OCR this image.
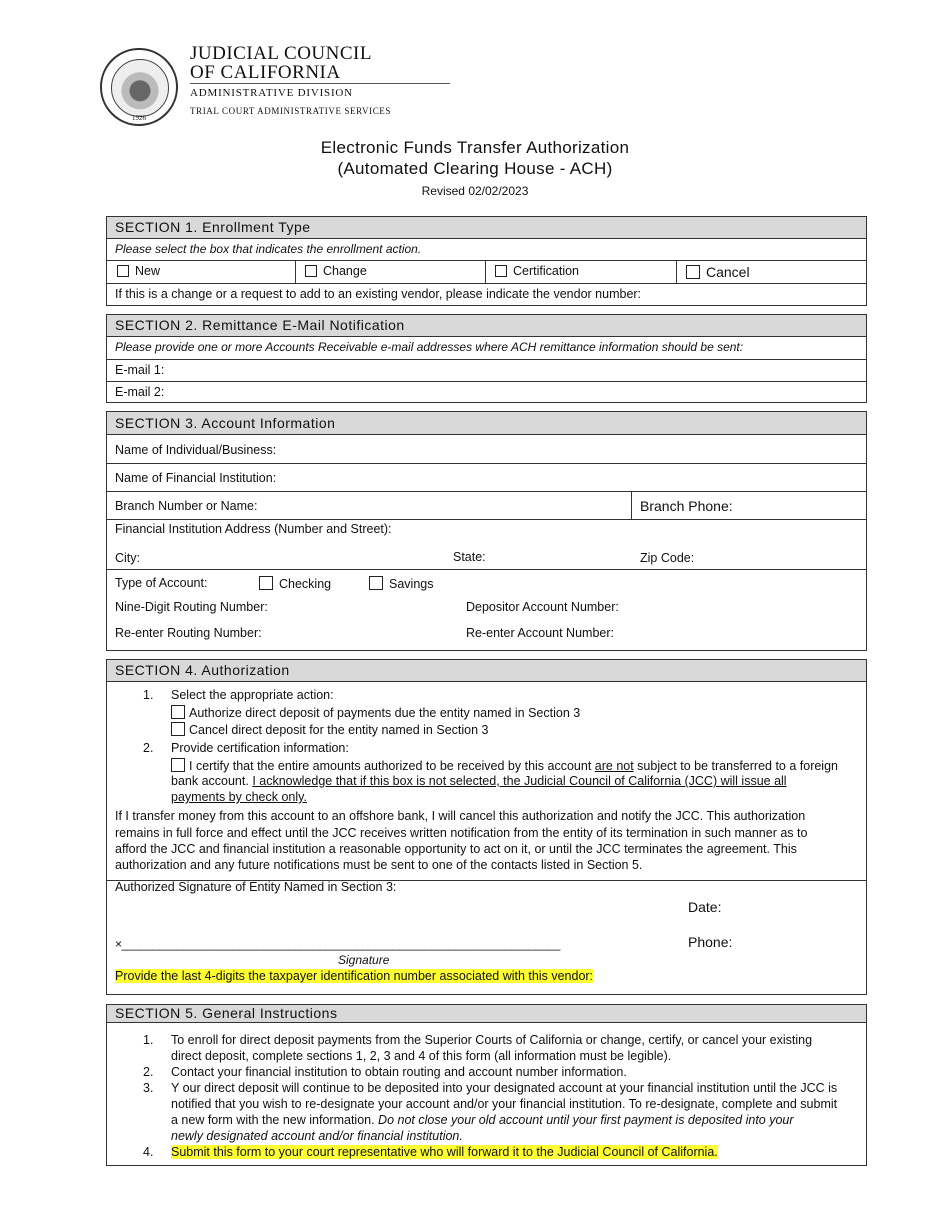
1926
JUDICIAL COUNCIL
OF CALIFORNIA
ADMINISTRATIVE DIVISION
TRIAL COURT ADMINISTRATIVE SERVICES
Electronic Funds Transfer Authorization
(Automated Clearing House - ACH)
Revised 02/02/2023
SECTION 1. Enrollment Type
Please select the box that indicates the enrollment action.
New	Change	Certification	Cancel
If this is a change or a request to add to an existing vendor, please indicate the vendor number:
SECTION 2. Remittance E-Mail Notification
Please provide one or more Accounts Receivable e-mail addresses where ACH remittance information should be sent:
E-mail 1:
E-mail 2:
SECTION 3. Account Information
Name of Individual/Business:
Name of Financial Institution:
Branch Number or Name:	Branch Phone:
Financial Institution Address (Number and Street):
City:	State:	Zip Code:
Type of Account:	Checking	Savings
Nine-Digit Routing Number:	Depositor Account Number:
Re-enter Routing Number:	Re-enter Account Number:
SECTION 4. Authorization
1. Select the appropriate action:
Authorize direct deposit of payments due the entity named in Section 3
Cancel direct deposit for the entity named in Section 3
2. Provide certification information:
I certify that the entire amounts authorized to be received by this account are not subject to be transferred to a foreign
bank account. I acknowledge that if this box is not selected, the Judicial Council of California (JCC) will issue all
payments by check only.
If I transfer money from this account to an offshore bank, I will cancel this authorization and notify the JCC. This authorization
remains in full force and effect until the JCC receives written notification from the entity of its termination in such manner as to
afford the JCC and financial institution a reasonable opportunity to act on it, or until the JCC terminates the agreement. This
authorization and any future notifications must be sent to one of the contacts listed in Section 5.
Authorized Signature of Entity Named in Section 3:
Date:
Phone:
×_______________________________________________________________________
Signature
Provide the last 4-digits the taxpayer identification number associated with this vendor:
SECTION 5. General Instructions
1. To enroll for direct deposit payments from the Superior Courts of California or change, certify, or cancel your existing
direct deposit, complete sections 1, 2, 3 and 4 of this form (all information must be legible).
2. Contact your financial institution to obtain routing and account number information.
3. Y our direct deposit will continue to be deposited into your designated account at your financial institution until the JCC is
notified that you wish to re-designate your account and/or your financial institution. To re-designate, complete and submit
a new form with the new information. Do not close your old account until your first payment is deposited into your
newly designated account and/or financial institution.
4. Submit this form to your court representative who will forward it to the Judicial Council of California.
